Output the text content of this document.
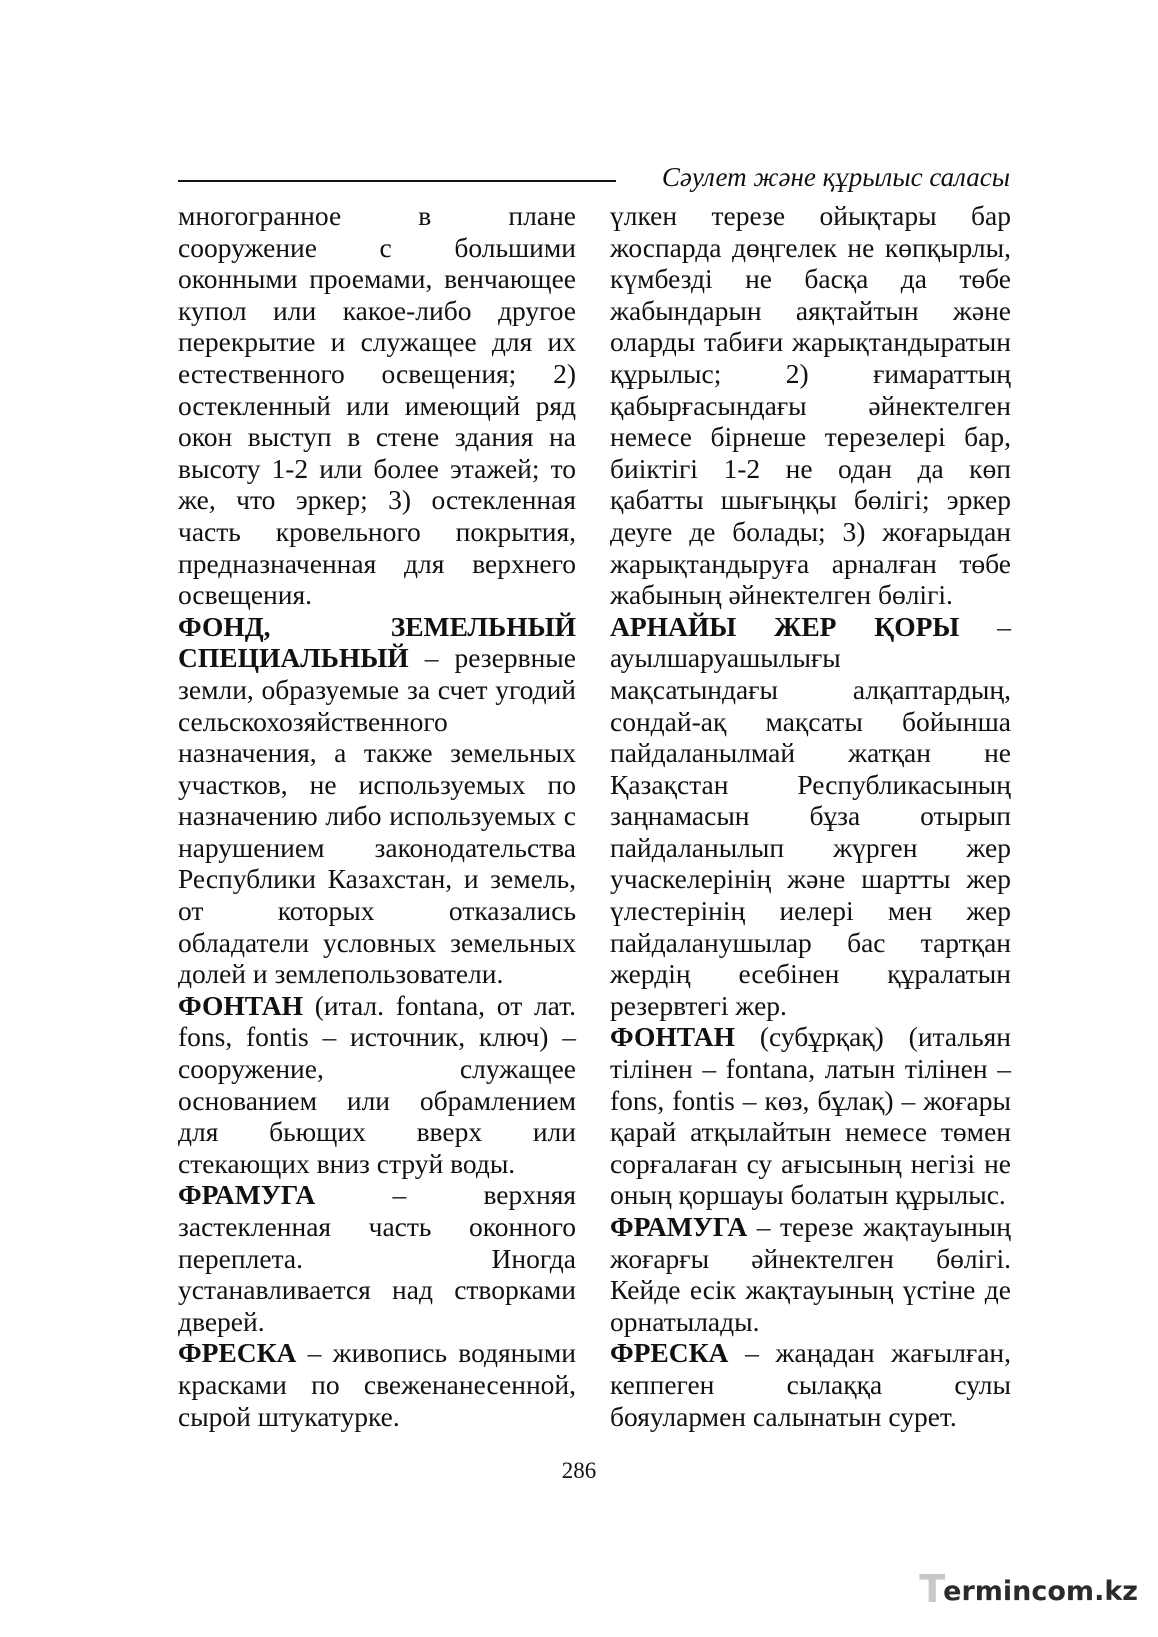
Сәулет және құрылыс саласы

многогранное в плане сооружение с большими оконными проемами, венчающее купол или какое-либо другое перекрытие и служащее для их естественного освещения; 2) остекленный или имеющий ряд окон выступ в стене здания на высоту 1-2 или более этажей; то же, что эркер; 3) остекленная часть кровельного покрытия, предназначенная для верхнего освещения.

ФОНД, ЗЕМЕЛЬНЫЙ СПЕЦИАЛЬНЫЙ – резервные земли, образуемые за счет угодий сельскохозяйственного назначения, а также земельных участков, не используемых по назначению либо используемых с нарушением законодательства Республики Казахстан, и земель, от которых отказались обладатели условных земельных долей и землепользователи.

ФОНТАН (итал. fontana, от лат. fons, fontis – источник, ключ) – сооружение, служащее основанием или обрамлением для бьющих вверх или стекающих вниз струй воды.

ФРАМУГА – верхняя застекленная часть оконного переплета. Иногда устанавливается над створками дверей.

ФРЕСКА – живопись водяными красками по свеженанесенной, сырой штукатурке.

үлкен терезе ойықтары бар жоспарда дөңгелек не көпқырлы, күмбезді не басқа да төбе жабындарын аяқтайтын және оларды табиғи жарықтандыратын құрылыс; 2) ғимараттың қабырғасындағы әйнектелген немесе бірнеше терезелері бар, биіктігі 1-2 не одан да көп қабатты шығыңқы бөлігі; эркер деуге де болады; 3) жоғарыдан жарықтандыруға арналған төбе жабының әйнектелген бөлігі.

АРНАЙЫ ЖЕР ҚОРЫ – ауылшаруашылығы мақсатындағы алқаптардың, сондай-ақ мақсаты бойынша пайдаланылмай жатқан не Қазақстан Республикасының заңнамасын бұза отырып пайдаланылып жүрген жер учаскелерінің және шартты жер үлестерінің иелері мен жер пайдаланушылар бас тартқан жердің есебінен құралатын резервтегі жер.

ФОНТАН (субұрқақ) (итальян тілінен – fontana, латын тілінен – fons, fontis – көз, бұлақ) – жоғары қарай атқылайтын немесе төмен сорғалаған су ағысының негізі не оның қоршауы болатын құрылыс.

ФРАМУГА – терезе жақтауының жоғарғы әйнектелген бөлігі. Кейде есік жақтауының үстіне де орнатылады.

ФРЕСКА – жаңадан жағылған, кеппеген сылаққа сулы бояулармен салынатын сурет.

286
T
ermincom.kz
